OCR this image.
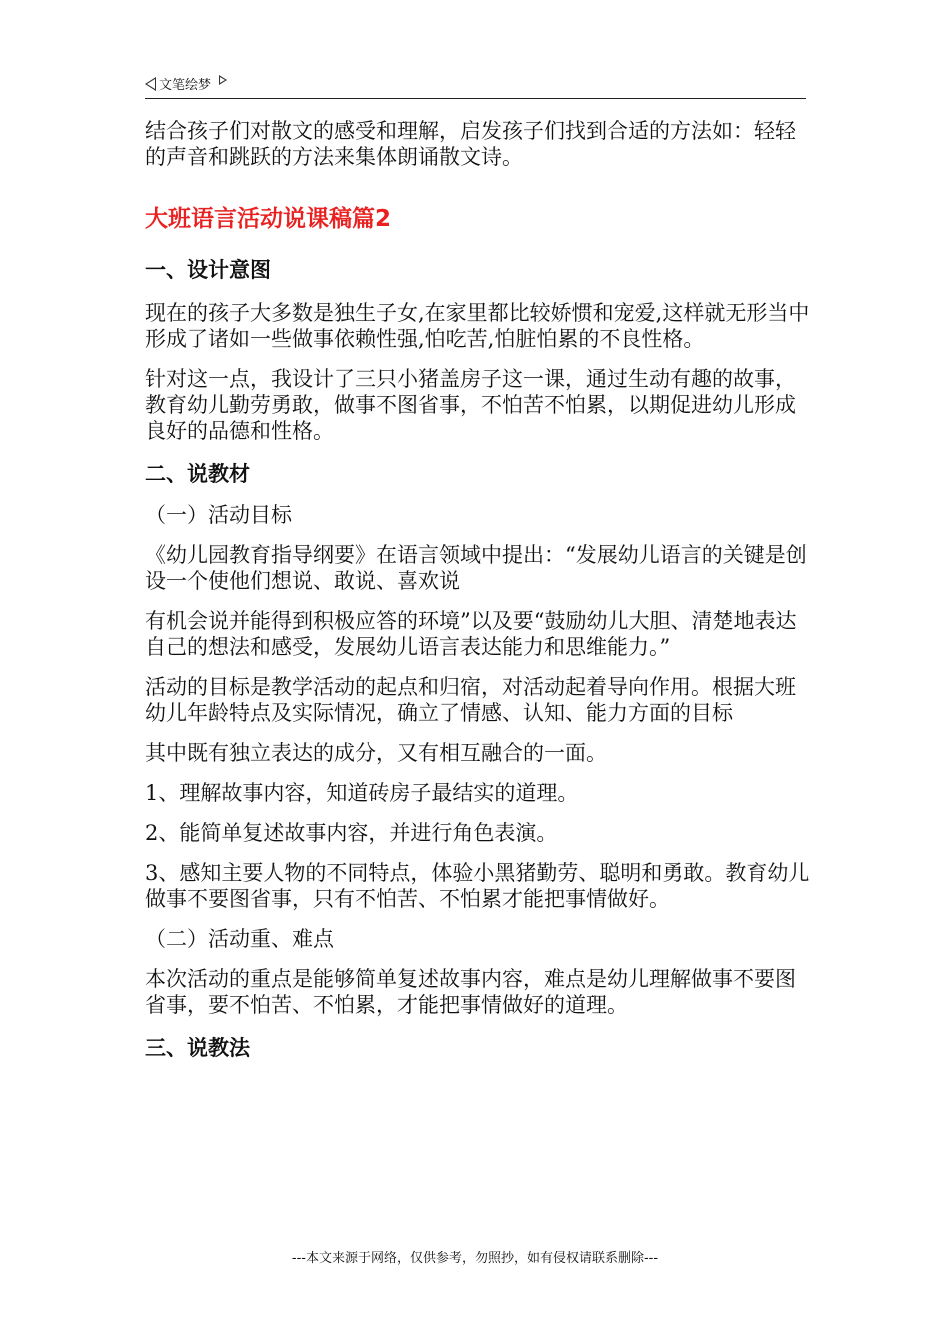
文笔绘梦

结合孩子们对散文的感受和理解，启发孩子们找到合适的方法如：轻轻的声音和跳跃的方法来集体朗诵散文诗。

大班语言活动说课稿篇2
一、设计意图

现在的孩子大多数是独生子女,在家里都比较娇惯和宠爱,这样就无形当中形成了诸如一些做事依赖性强,怕吃苦,怕脏怕累的不良性格。

针对这一点，我设计了三只小猪盖房子这一课，通过生动有趣的故事，教育幼儿勤劳勇敢，做事不图省事，不怕苦不怕累，以期促进幼儿形成良好的品德和性格。

二、说教材

（一）活动目标

《幼儿园教育指导纲要》在语言领域中提出：“发展幼儿语言的关键是创设一个使他们想说、敢说、喜欢说

有机会说并能得到积极应答的环境”以及要“鼓励幼儿大胆、清楚地表达自己的想法和感受，发展幼儿语言表达能力和思维能力。”

活动的目标是教学活动的起点和归宿，对活动起着导向作用。根据大班幼儿年龄特点及实际情况，确立了情感、认知、能力方面的目标

其中既有独立表达的成分，又有相互融合的一面。

1、理解故事内容，知道砖房子最结实的道理。

2、能简单复述故事内容，并进行角色表演。

3、感知主要人物的不同特点，体验小黑猪勤劳、聪明和勇敢。教育幼儿做事不要图省事，只有不怕苦、不怕累才能把事情做好。

（二）活动重、难点

本次活动的重点是能够简单复述故事内容，难点是幼儿理解做事不要图省事，要不怕苦、不怕累，才能把事情做好的道理。

三、说教法
---本文来源于网络，仅供参考，勿照抄，如有侵权请联系删除---
